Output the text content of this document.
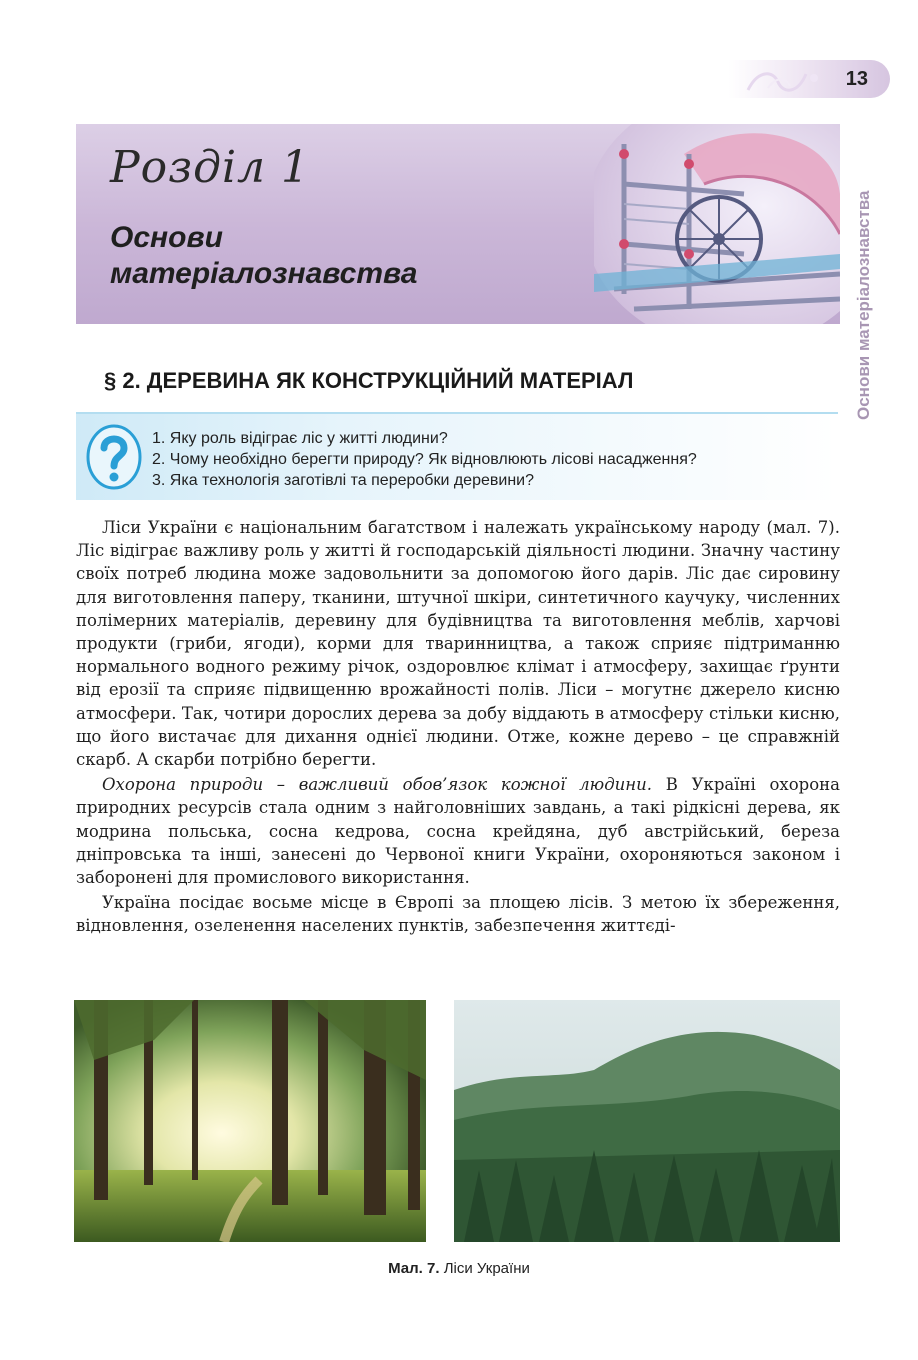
13
Основи матеріалознавства
Розділ 1
Основи матеріалознавства
§ 2. ДЕРЕВИНА ЯК КОНСТРУКЦІЙНИЙ МАТЕРІАЛ
1. Яку роль відіграє ліс у житті людини?
2. Чому необхідно берегти природу? Як відновлюють лісові насадження?
3. Яка технологія заготівлі та переробки деревини?

Ліси України є національним багатством і належать українському народу (мал. 7). Ліс відіграє важливу роль у житті й господарській діяльності людини. Значну частину своїх потреб людина може задовольнити за допомогою його дарів. Ліс дає сировину для виготовлення паперу, тканини, штучної шкіри, синтетичного каучуку, численних полімерних матеріалів, деревину для будівництва та виготовлення меблів, харчові продукти (гриби, ягоди), корми для тваринництва, а також сприяє підтриманню нормального водного режиму річок, оздоровлює клімат і атмосферу, захищає ґрунти від ерозії та сприяє підвищенню врожайності полів. Ліси – могутнє джерело кисню атмосфери. Так, чотири дорослих дерева за добу віддають в атмосферу стільки кисню, що його вистачає для дихання однієї людини. Отже, кожне дерево – це справжній скарб. А скарби потрібно берегти.

Охорона природи – важливий обов’язок кожної людини. В Україні охорона природних ресурсів стала одним з найголовніших завдань, а такі рідкісні дерева, як модрина польська, сосна кедрова, сосна крейдяна, дуб австрійський, береза дніпровська та інші, занесені до Червоної книги України, охороняються законом і заборонені для промислового використання.

Україна посідає восьме місце в Європі за площею лісів. З метою їх збереження, відновлення, озеленення населених пунктів, забезпечення життєді-

Мал. 7. Ліси України
